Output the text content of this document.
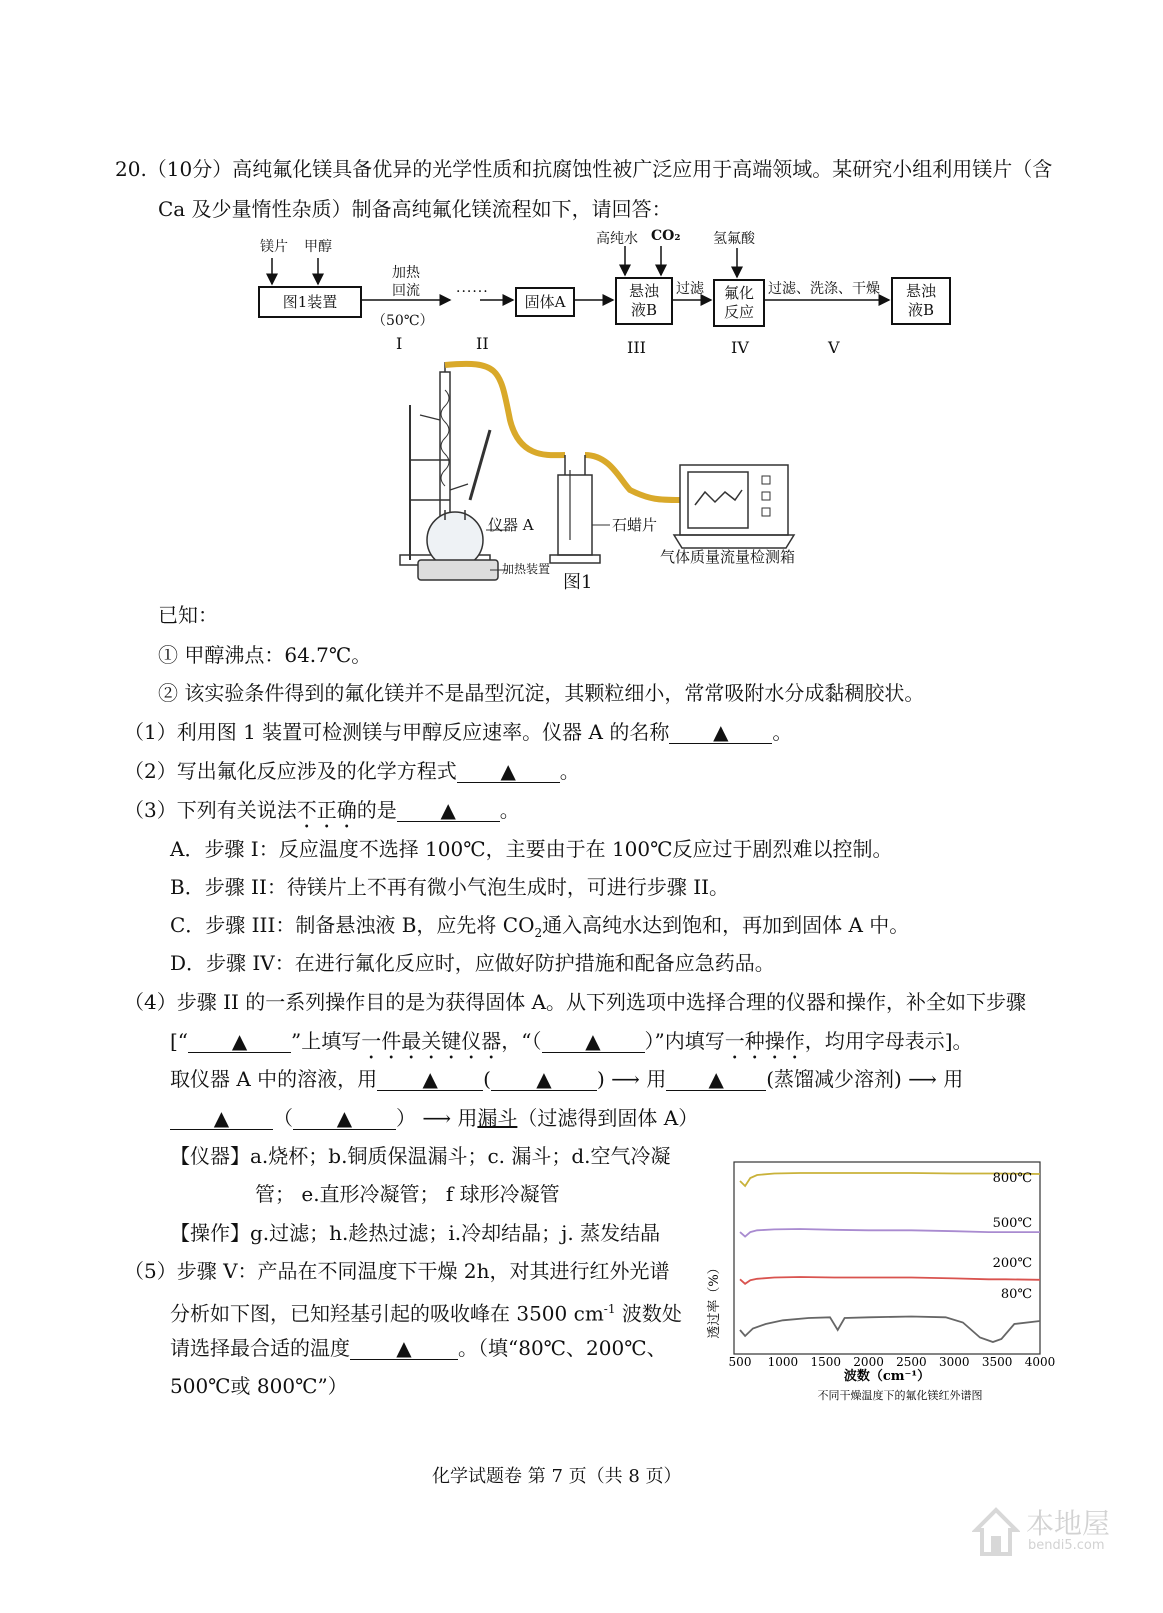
20.（10分）高纯氟化镁具备优异的光学性质和抗腐蚀性被广泛应用于高端领域。某研究小组利用镁片（含
Ca 及少量惰性杂质）制备高纯氟化镁流程如下，请回答：
镁片 甲醇
图1装置
加热
回流
（50℃）
······
固体A
高纯水 CO₂
悬浊
液B
过滤
氢氟酸
氟化
反应
过滤、洗涤、干燥 悬浊
液B
I	II	III	IV	V
仪器 A	石蜡片
加热装置
气体质量流量检测箱
图1
已知：
① 甲醇沸点：64.7℃。
② 该实验条件得到的氟化镁并不是晶型沉淀，其颗粒细小，常常吸附水分成黏稠胶状。
（1）利用图 1 装置可检测镁与甲醇反应速率。仪器 A 的名称 ▲ 。
（2）写出氟化反应涉及的化学方程式 ▲ 。
（3）下列有关说法不正确的是 ▲ 。
A．步骤 I：反应温度不选择 100℃，主要由于在 100℃反应过于剧烈难以控制。
B．步骤 II：待镁片上不再有微小气泡生成时，可进行步骤 II。
C．步骤 III：制备悬浊液 B，应先将 $CO_2$通入高纯水达到饱和，再加到固体 A 中。
D．步骤 IV：在进行氟化反应时，应做好防护措施和配备应急药品。
（4）步骤 II 的一系列操作目的是为获得固体 A。从下列选项中选择合理的仪器和操作，补全如下步骤
[“ ▲ ”上填写一件最关键仪器，“（ ▲ ）”内填写一种操作，均用字母表示]。
取仪器 A 中的溶液，用 ▲ ( ▲ ) ⟶ 用 ▲ (蒸馏减少溶剂) ⟶ 用
▲ （ ▲ ） ⟶ 用漏斗（过滤得到固体 A）
【仪器】a.烧杯；b.铜质保温漏斗；c. 漏斗；d.空气冷凝
管； e.直形冷凝管； f 球形冷凝管
【操作】g.过滤；h.趁热过滤；i.冷却结晶；j. 蒸发结晶
（5）步骤 V：产品在不同温度下干燥 2h，对其进行红外光谱
分析如下图，已知羟基引起的吸收峰在 3500 $cm^{-1}$ 波数处
请选择最合适的温度 ▲ 。（填“80℃、200℃、
500℃或 800℃”）
800℃
500℃
200℃
80℃
500 1000 1500 2000 2500 3000 3500 4000
透过率（%）
波数（cm⁻¹）
不同干燥温度下的氟化镁红外谱图
化学试题卷 第 7 页（共 8 页）
本地屋
bendi5.com
